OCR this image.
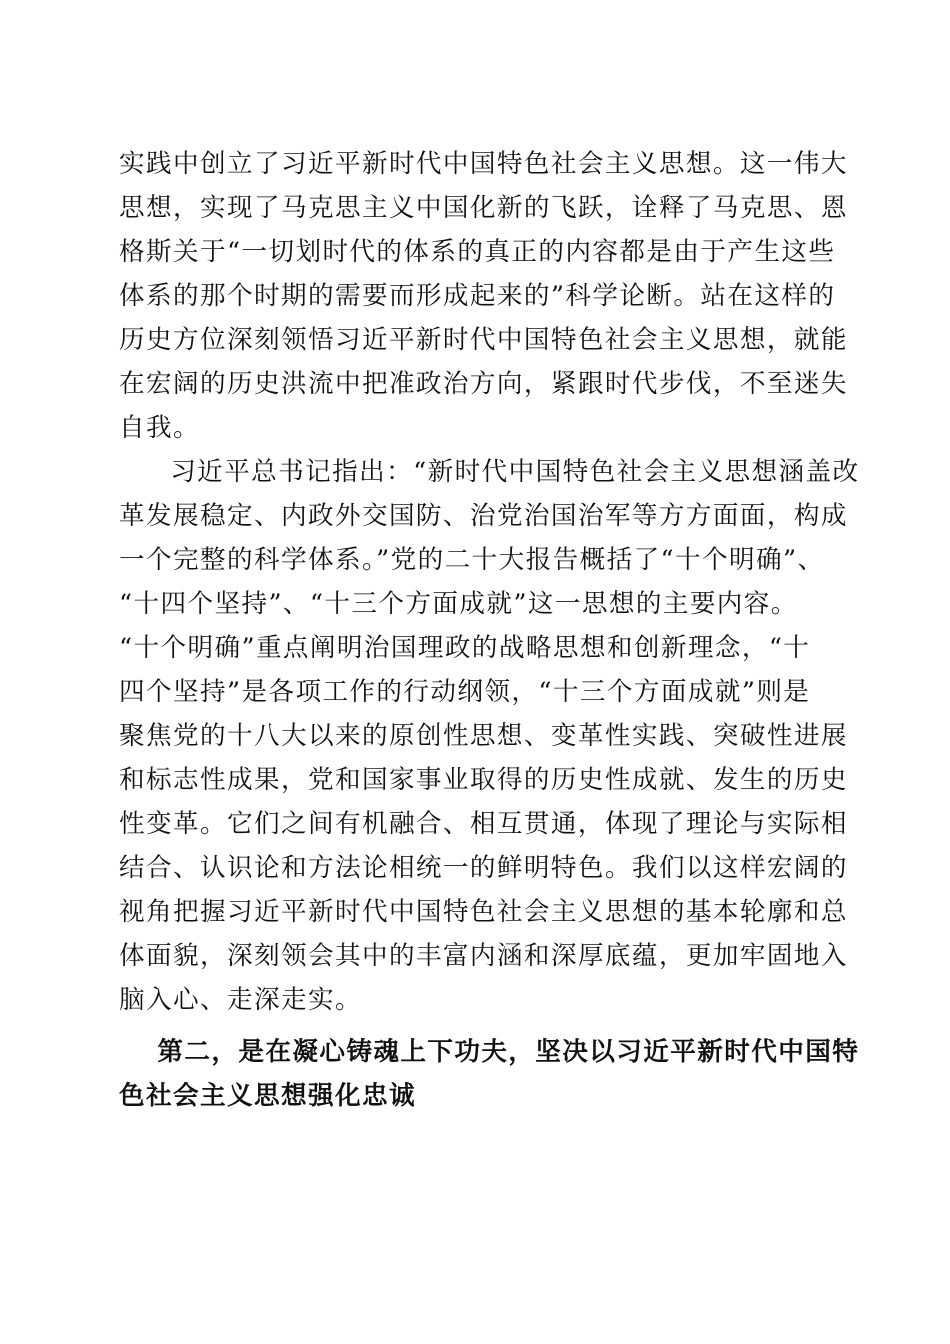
实践中创立了习近平新时代中国特色社会主义思想。这一伟大
思想，实现了马克思主义中国化新的飞跃，诠释了马克思、恩
格斯关于“一切划时代的体系的真正的内容都是由于产生这些
体系的那个时期的需要而形成起来的”科学论断。站在这样的
历史方位深刻领悟习近平新时代中国特色社会主义思想，就能
在宏阔的历史洪流中把准政治方向，紧跟时代步伐，不至迷失
自我。

习近平总书记指出：“新时代中国特色社会主义思想涵盖改
革发展稳定、内政外交国防、治党治国治军等方方面面，构成
一个完整的科学体系。”党的二十大报告概括了“十个明确”、
“十四个坚持”、“十三个方面成就”这一思想的主要内容。
“十个明确”重点阐明治国理政的战略思想和创新理念，“十
四个坚持”是各项工作的行动纲领，“十三个方面成就”则是
聚焦党的十八大以来的原创性思想、变革性实践、突破性进展
和标志性成果，党和国家事业取得的历史性成就、发生的历史
性变革。它们之间有机融合、相互贯通，体现了理论与实际相
结合、认识论和方法论相统一的鲜明特色。我们以这样宏阔的
视角把握习近平新时代中国特色社会主义思想的基本轮廓和总
体面貌，深刻领会其中的丰富内涵和深厚底蕴，更加牢固地入
脑入心、走深走实。

第二，是在凝心铸魂上下功夫，坚决以习近平新时代中国特
色社会主义思想强化忠诚
